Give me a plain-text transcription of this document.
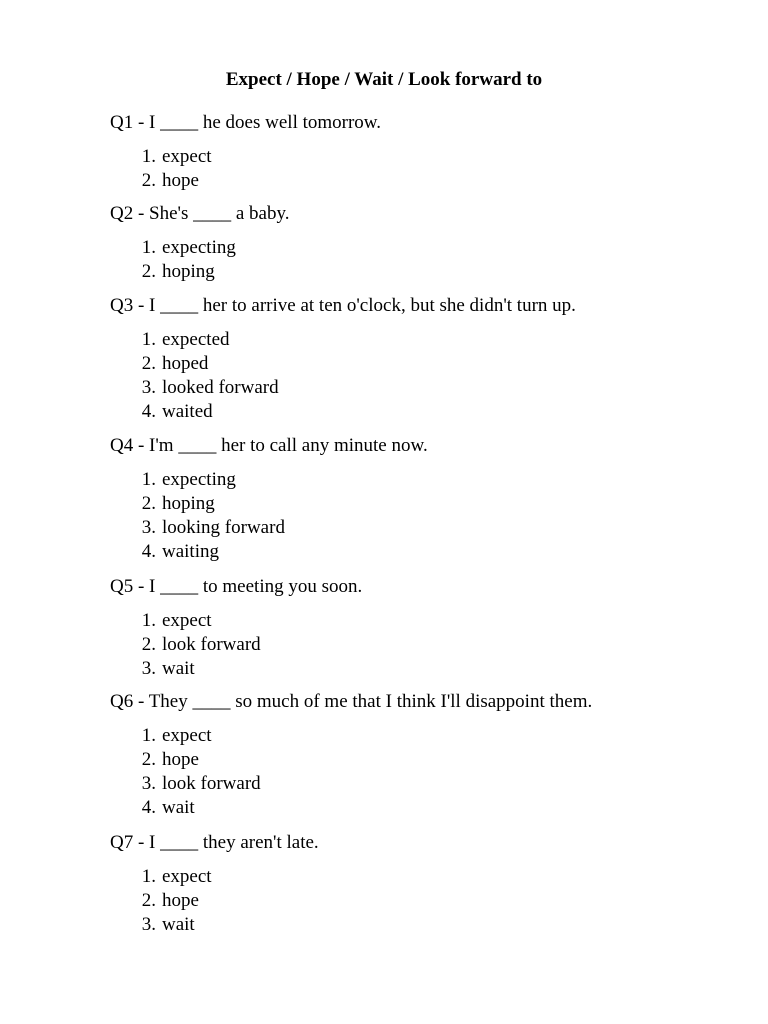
Expect / Hope / Wait / Look forward to

Q1 - I ____ he does well tomorrow.

1. expect
2. hope

Q2 - She's ____ a baby.

1. expecting
2. hoping

Q3 - I ____ her to arrive at ten o'clock, but she didn't turn up.

1. expected
2. hoped
3. looked forward
4. waited

Q4 - I'm ____ her to call any minute now.

1. expecting
2. hoping
3. looking forward
4. waiting

Q5 - I ____ to meeting you soon.

1. expect
2. look forward
3. wait

Q6 - They ____ so much of me that I think I'll disappoint them.

1. expect
2. hope
3. look forward
4. wait

Q7 - I ____ they aren't late.

1. expect
2. hope
3. wait
